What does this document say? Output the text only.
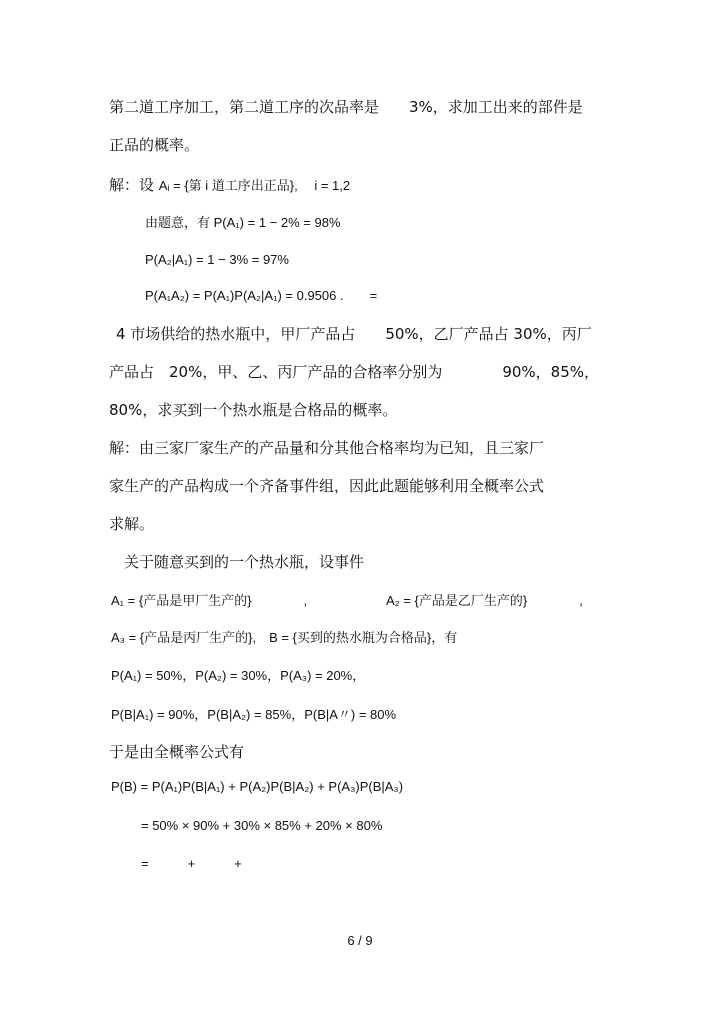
第二道工序加工，第二道工序的次品率是　　3%，求加工出来的部件是
正品的概率。
解：设 Aᵢ = {第 i 道工序出正品},　 i = 1,2
由题意，有 P(A₁) = 1 − 2% = 98%
P(A₂|A₁) = 1 − 3% = 97%
P(A₁A₂) = P(A₁)P(A₂|A₁) = 0.9506 .　　=
4 市场供给的热水瓶中，甲厂产品占　　50%，乙厂产品占 30%，丙厂
产品占　20%，甲、乙、丙厂产品的合格率分别为　　　　90%，85%，
80%，求买到一个热水瓶是合格品的概率。
解：由三家厂家生产的产品量和分其他合格率均为已知，且三家厂
家生产的产品构成一个齐备事件组，因此此题能够利用全概率公式
求解。
关于随意买到的一个热水瓶，设事件
A₁ = {产品是甲厂生产的}　　　　,	A₂ = {产品是乙厂生产的}　　　　,
A₃ = {产品是丙厂生产的},　B = {买到的热水瓶为合格品}，有
P(A₁) = 50%，P(A₂) = 30%，P(A₃) = 20%，
P(B|A₁) = 90%，P(B|A₂) = 85%，P(B|A〃) = 80%
于是由全概率公式有
P(B) = P(A₁)P(B|A₁) + P(A₂)P(B|A₂) + P(A₃)P(B|A₃)
= 50% × 90% + 30% × 85% + 20% × 80%
=　　　+　　　+
6 / 9
